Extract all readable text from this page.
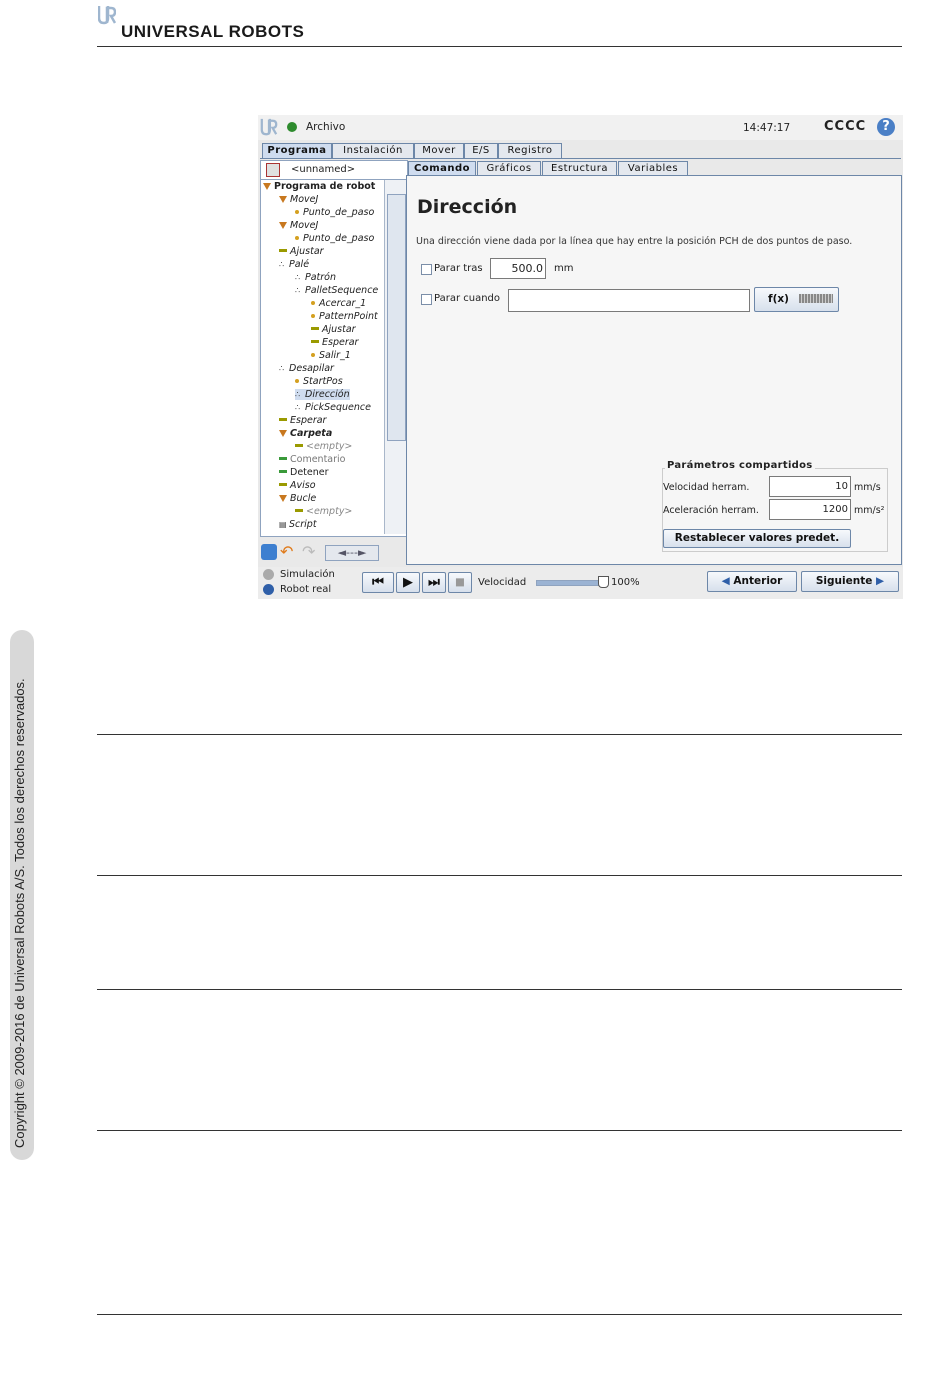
UNIVERSAL ROBOTS
Copyright © 2009-2016 de Universal Robots A/S. Todos los derechos reservados.
Archivo	14:47:17	CCCC	?
Programa	Instalación	Mover	E/S	Registro
<unnamed>	Comando	Gráficos	Estructura	Variables
Programa de robot
MoveJ
Punto_de_paso
MoveJ
Punto_de_paso
Ajustar
∴ Palé
∴ Patrón
∴ PalletSequence
Acercar_1
PatternPoint
Ajustar
Esperar
Salir_1
∴ Desapilar
StartPos
∴ Dirección
∴ PickSequence
Esperar
Carpeta
<empty>
Comentario
Detener
Aviso
Bucle
<empty>
▤ Script
↶ ↷	◄---►
Dirección
Una dirección viene dada por la línea que hay entre la posición PCH de dos puntos de paso.
Parar tras	500.0	mm
Parar cuando	f(x)
Parámetros compartidos
Velocidad herram.	10 mm/s
Aceleración herram.	1200 mm/s²
Restablecer valores predet.
Simulación
Robot real	⏮	▶	⏭	■	Velocidad	100%	◀ Anterior	Siguiente ▶
